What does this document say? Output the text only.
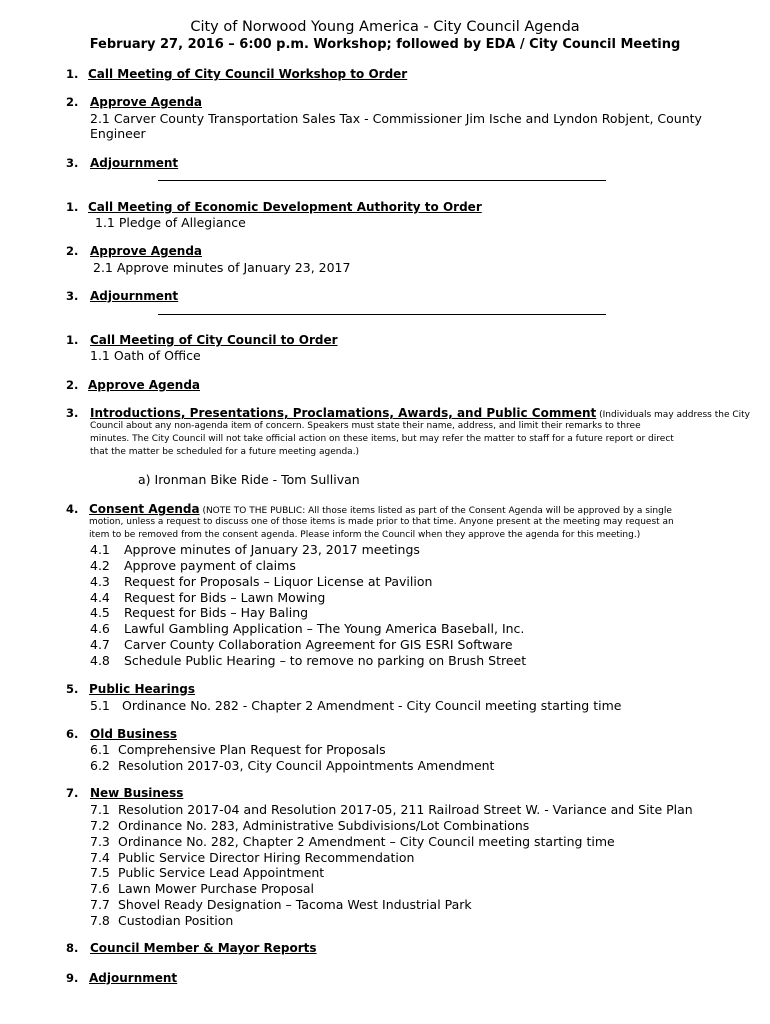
City of Norwood Young America - City Council Agenda
February 27, 2016 – 6:00 p.m. Workshop; followed by EDA / City Council Meeting
1. Call Meeting of City Council Workshop to Order
2. Approve Agenda
2.1 Carver County Transportation Sales Tax - Commissioner Jim Ische and Lyndon Robjent, County
Engineer
3. Adjournment
1. Call Meeting of Economic Development Authority to Order
1.1 Pledge of Allegiance
2. Approve Agenda
2.1 Approve minutes of January 23, 2017
3. Adjournment
1. Call Meeting of City Council to Order
1.1 Oath of Office
2. Approve Agenda
3. Introductions, Presentations, Proclamations, Awards, and Public Comment (Individuals may address the City
Council about any non-agenda item of concern. Speakers must state their name, address, and limit their remarks to three
minutes. The City Council will not take official action on these items, but may refer the matter to staff for a future report or direct
that the matter be scheduled for a future meeting agenda.)
a) Ironman Bike Ride - Tom Sullivan
4. Consent Agenda (NOTE TO THE PUBLIC: All those items listed as part of the Consent Agenda will be approved by a single
motion, unless a request to discuss one of those items is made prior to that time. Anyone present at the meeting may request an
item to be removed from the consent agenda. Please inform the Council when they approve the agenda for this meeting.)
4.1 Approve minutes of January 23, 2017 meetings
4.2 Approve payment of claims
4.3 Request for Proposals – Liquor License at Pavilion
4.4 Request for Bids – Lawn Mowing
4.5 Request for Bids – Hay Baling
4.6 Lawful Gambling Application – The Young America Baseball, Inc.
4.7 Carver County Collaboration Agreement for GIS ESRI Software
4.8 Schedule Public Hearing – to remove no parking on Brush Street
5. Public Hearings
5.1 Ordinance No. 282 - Chapter 2 Amendment - City Council meeting starting time
6. Old Business
6.1 Comprehensive Plan Request for Proposals
6.2 Resolution 2017-03, City Council Appointments Amendment
7. New Business
7.1 Resolution 2017-04 and Resolution 2017-05, 211 Railroad Street W. - Variance and Site Plan
7.2 Ordinance No. 283, Administrative Subdivisions/Lot Combinations
7.3 Ordinance No. 282, Chapter 2 Amendment – City Council meeting starting time
7.4 Public Service Director Hiring Recommendation
7.5 Public Service Lead Appointment
7.6 Lawn Mower Purchase Proposal
7.7 Shovel Ready Designation – Tacoma West Industrial Park
7.8 Custodian Position
8. Council Member & Mayor Reports
9. Adjournment
